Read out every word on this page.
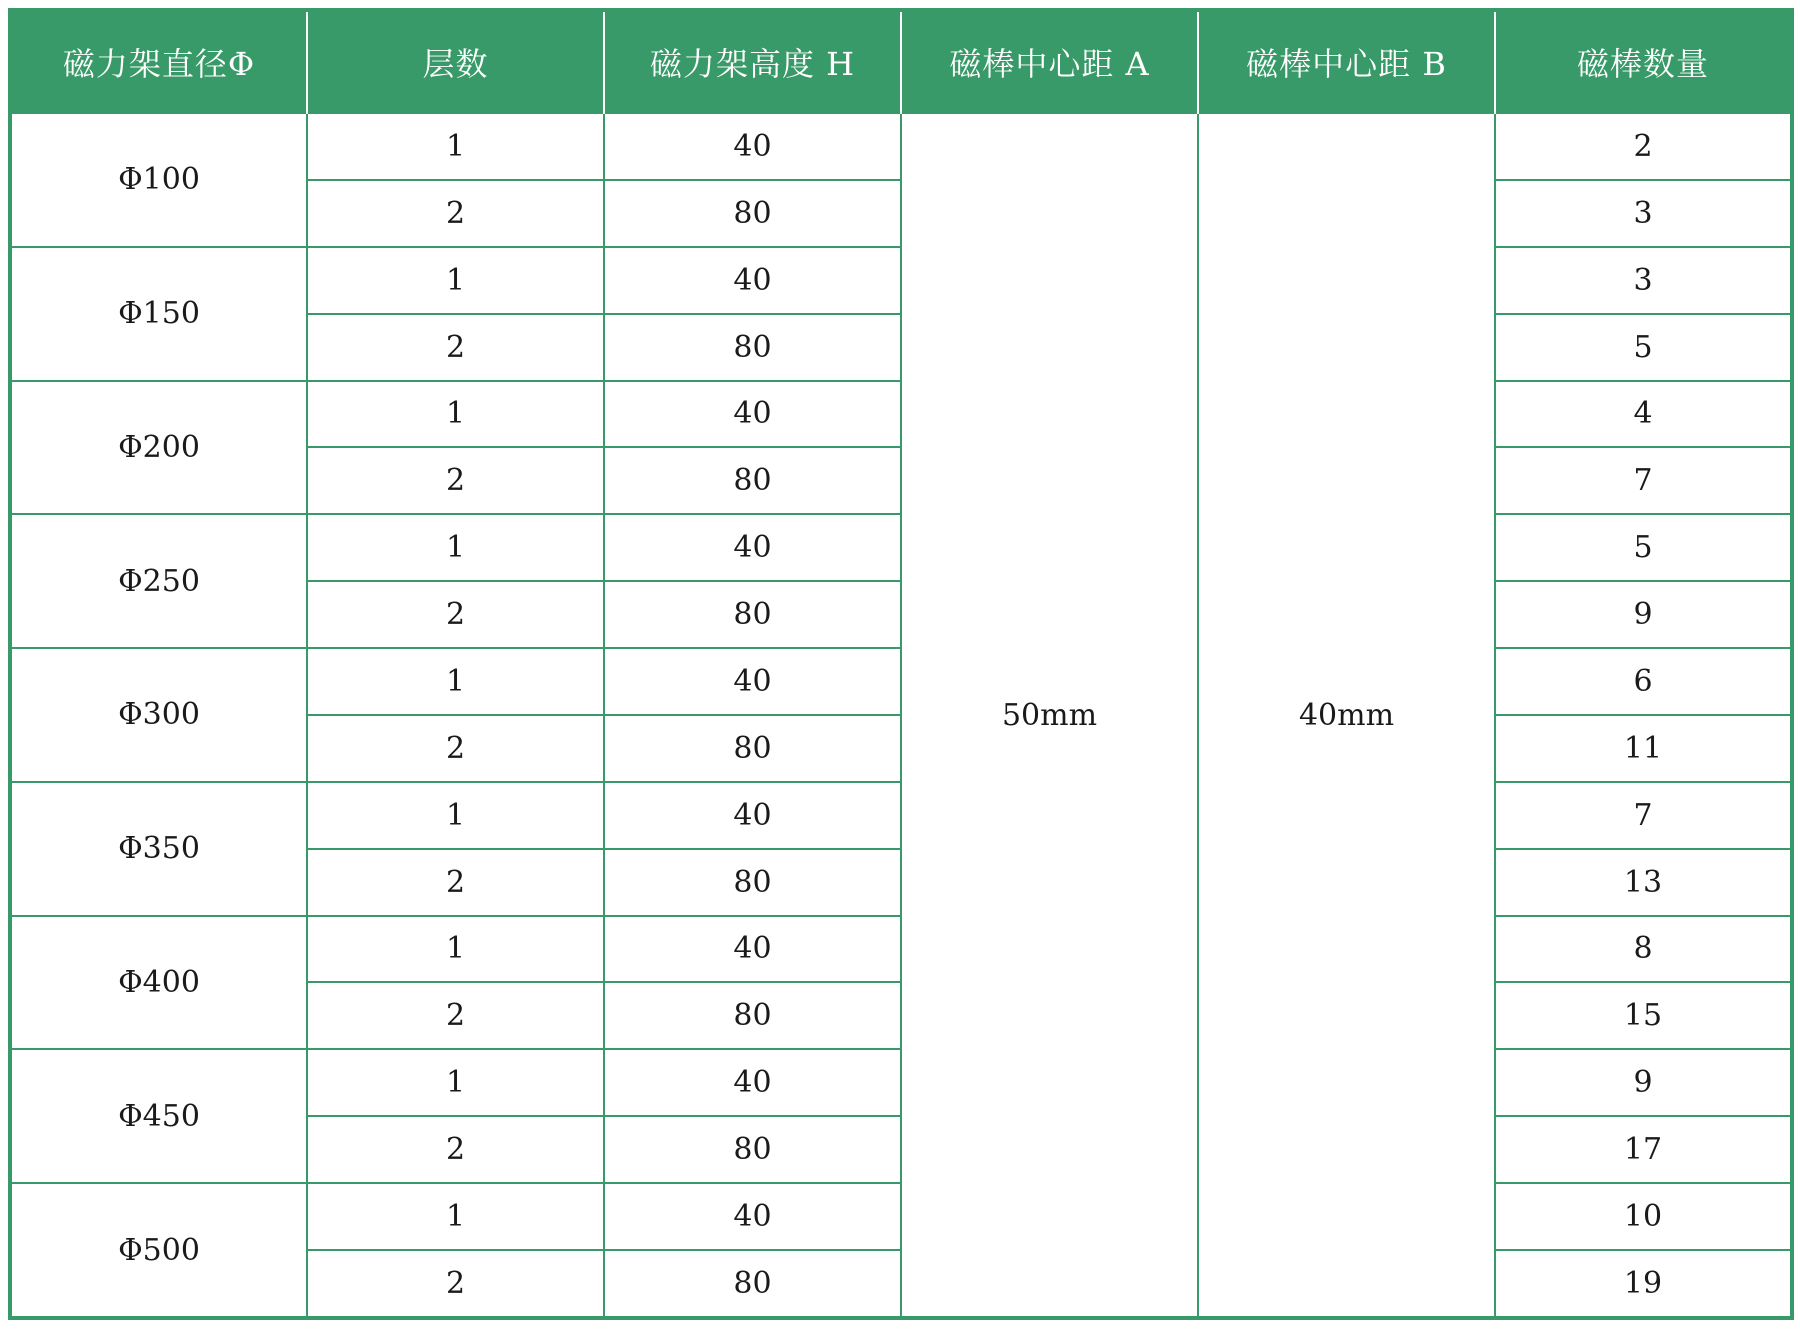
磁力架直径Φ	层数	磁力架高度 H	磁棒中心距 A	磁棒中心距 B	磁棒数量
Φ100	1	40	50mm	40mm	2
	2	80			3
Φ150	1	40			3
	2	80			5
Φ200	1	40			4
	2	80			7
Φ250	1	40			5
	2	80			9
Φ300	1	40			6
	2	80			11
Φ350	1	40			7
	2	80			13
Φ400	1	40			8
	2	80			15
Φ450	1	40			9
	2	80			17
Φ500	1	40			10
	2	80			19
